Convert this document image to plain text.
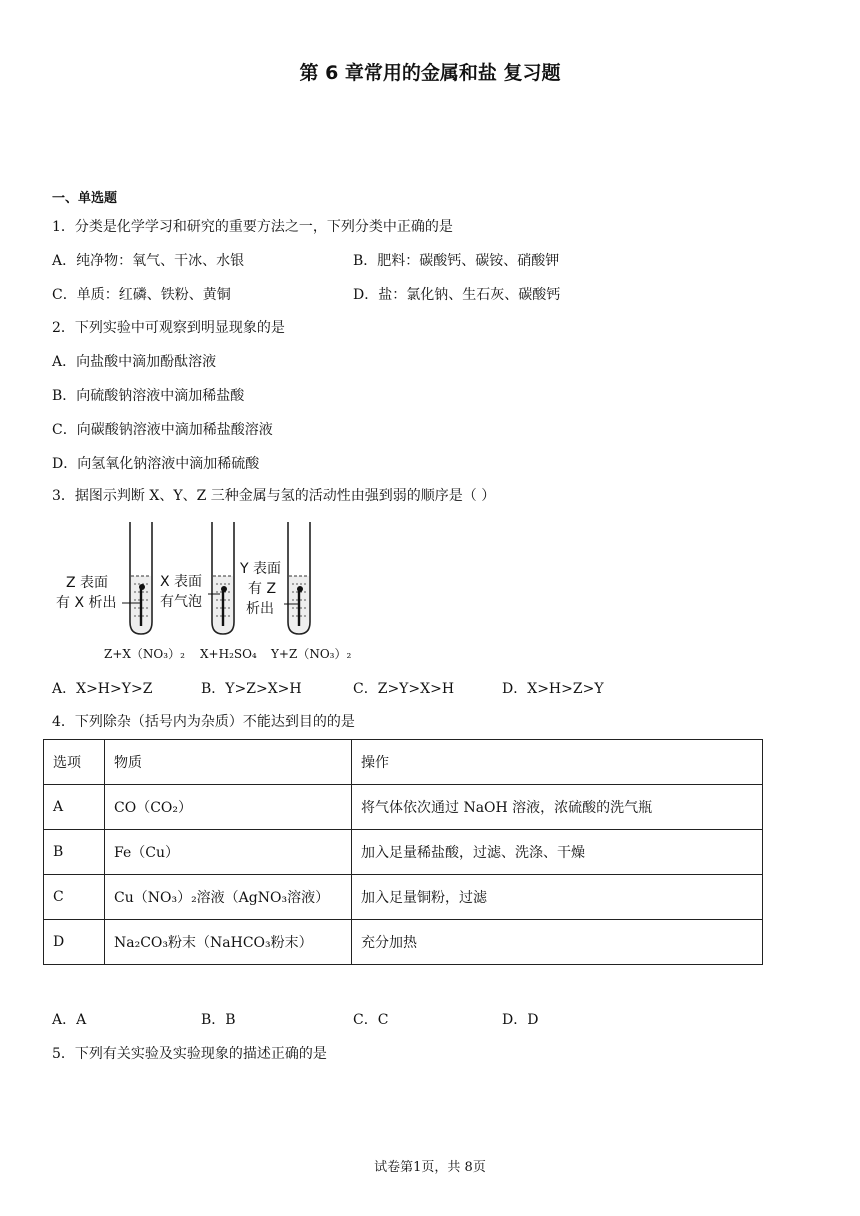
第 6 章常用的金属和盐 复习题
一、单选题
1．分类是化学学习和研究的重要方法之一，下列分类中正确的是
A．纯净物：氧气、干冰、水银	B．肥料：碳酸钙、碳铵、硝酸钾
C．单质：红磷、铁粉、黄铜	D．盐：氯化钠、生石灰、碳酸钙
2．下列实验中可观察到明显现象的是
A．向盐酸中滴加酚酞溶液
B．向硫酸钠溶液中滴加稀盐酸
C．向碳酸钠溶液中滴加稀盐酸溶液
D．向氢氧化钠溶液中滴加稀硫酸
3．据图示判断 X、Y、Z 三种金属与氢的活动性由强到弱的顺序是（ ）
Z 表面
有 X 析出
X 表面
有气泡
Y 表面
有 Z
析出
Z+X（NO₃）₂ X+H₂SO₄ Y+Z（NO₃）₂
A．X>H>Y>Z	B．Y>Z>X>H	C．Z>Y>X>H	D．X>H>Z>Y
4．下列除杂（括号内为杂质）不能达到目的的是
选项	物质	操作
A	CO（CO₂）	将气体依次通过 NaOH 溶液，浓硫酸的洗气瓶
B	Fe（Cu）	加入足量稀盐酸，过滤、洗涤、干燥
C	Cu（NO₃）₂溶液（AgNO₃溶液）	加入足量铜粉，过滤
D	Na₂CO₃粉末（NaHCO₃粉末）	充分加热
A．A	B．B	C．C	D．D
5．下列有关实验及实验现象的描述正确的是
试卷第1页，共 8页
